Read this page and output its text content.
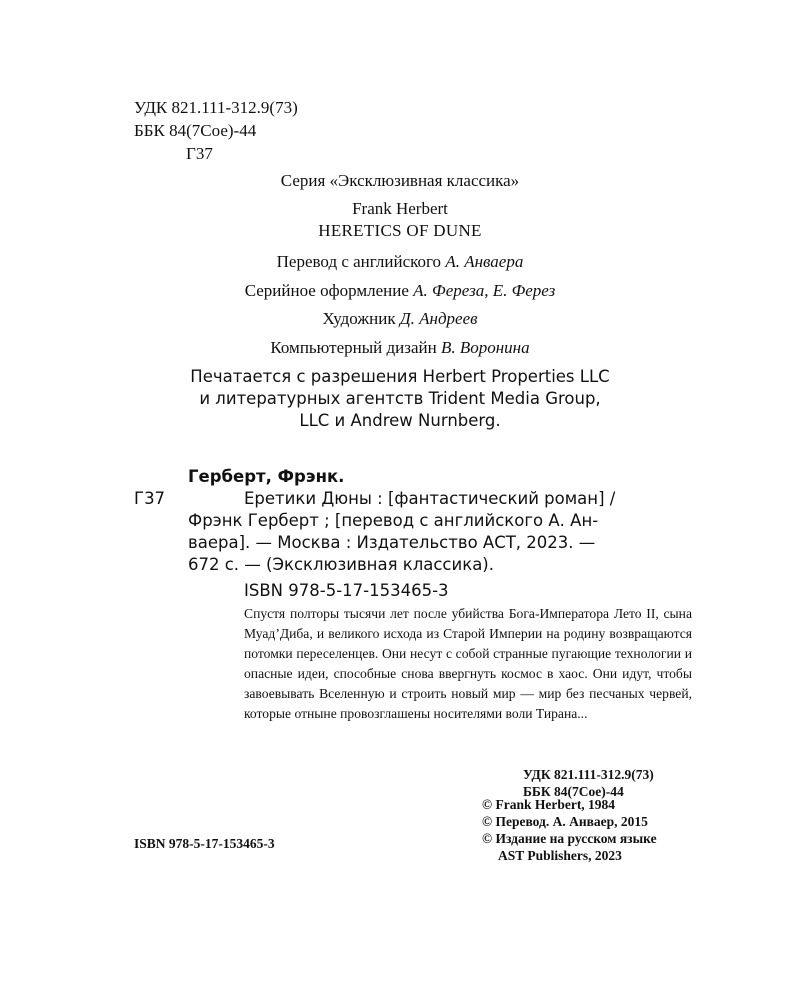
УДК 821.111-312.9(73)
ББК 84(7Сое)-44
Г37
Серия «Эксклюзивная классика»
Frank Herbert
HERETICS OF DUNE
Перевод с английского А. Анваера
Серийное оформление А. Фереза, Е. Ферез
Художник Д. Андреев
Компьютерный дизайн В. Воронина
Печатается с разрешения Herbert Properties LLC
и литературных агентств Trident Media Group,
LLC и Andrew Nurnberg.
Герберт, Фрэнк.
Г37	Еретики Дюны : [фантастический роман] /
Фрэнк Герберт ; [перевод с английского А. Ан-
ваера]. — Москва : Издательство АСТ, 2023. —
672 с. — (Эксклюзивная классика).
ISBN 978-5-17-153465-3
Спустя полторы тысячи лет после убийства Бога-Императора Лето II, сына Муад’Диба, и великого исхода из Старой Империи на родину возвращаются потомки переселенцев. Они несут с собой странные пугающие технологии и опасные идеи, способные снова ввергнуть космос в хаос. Они идут, чтобы завоевывать Вселенную и строить новый мир — мир без песчаных червей, которые отныне провозглашены носителями воли Тирана...
УДК 821.111-312.9(73)
ББК 84(7Сое)-44
© Frank Herbert, 1984
© Перевод. А. Анваер, 2015
© Издание на русском языке
AST Publishers, 2023
ISBN 978-5-17-153465-3
